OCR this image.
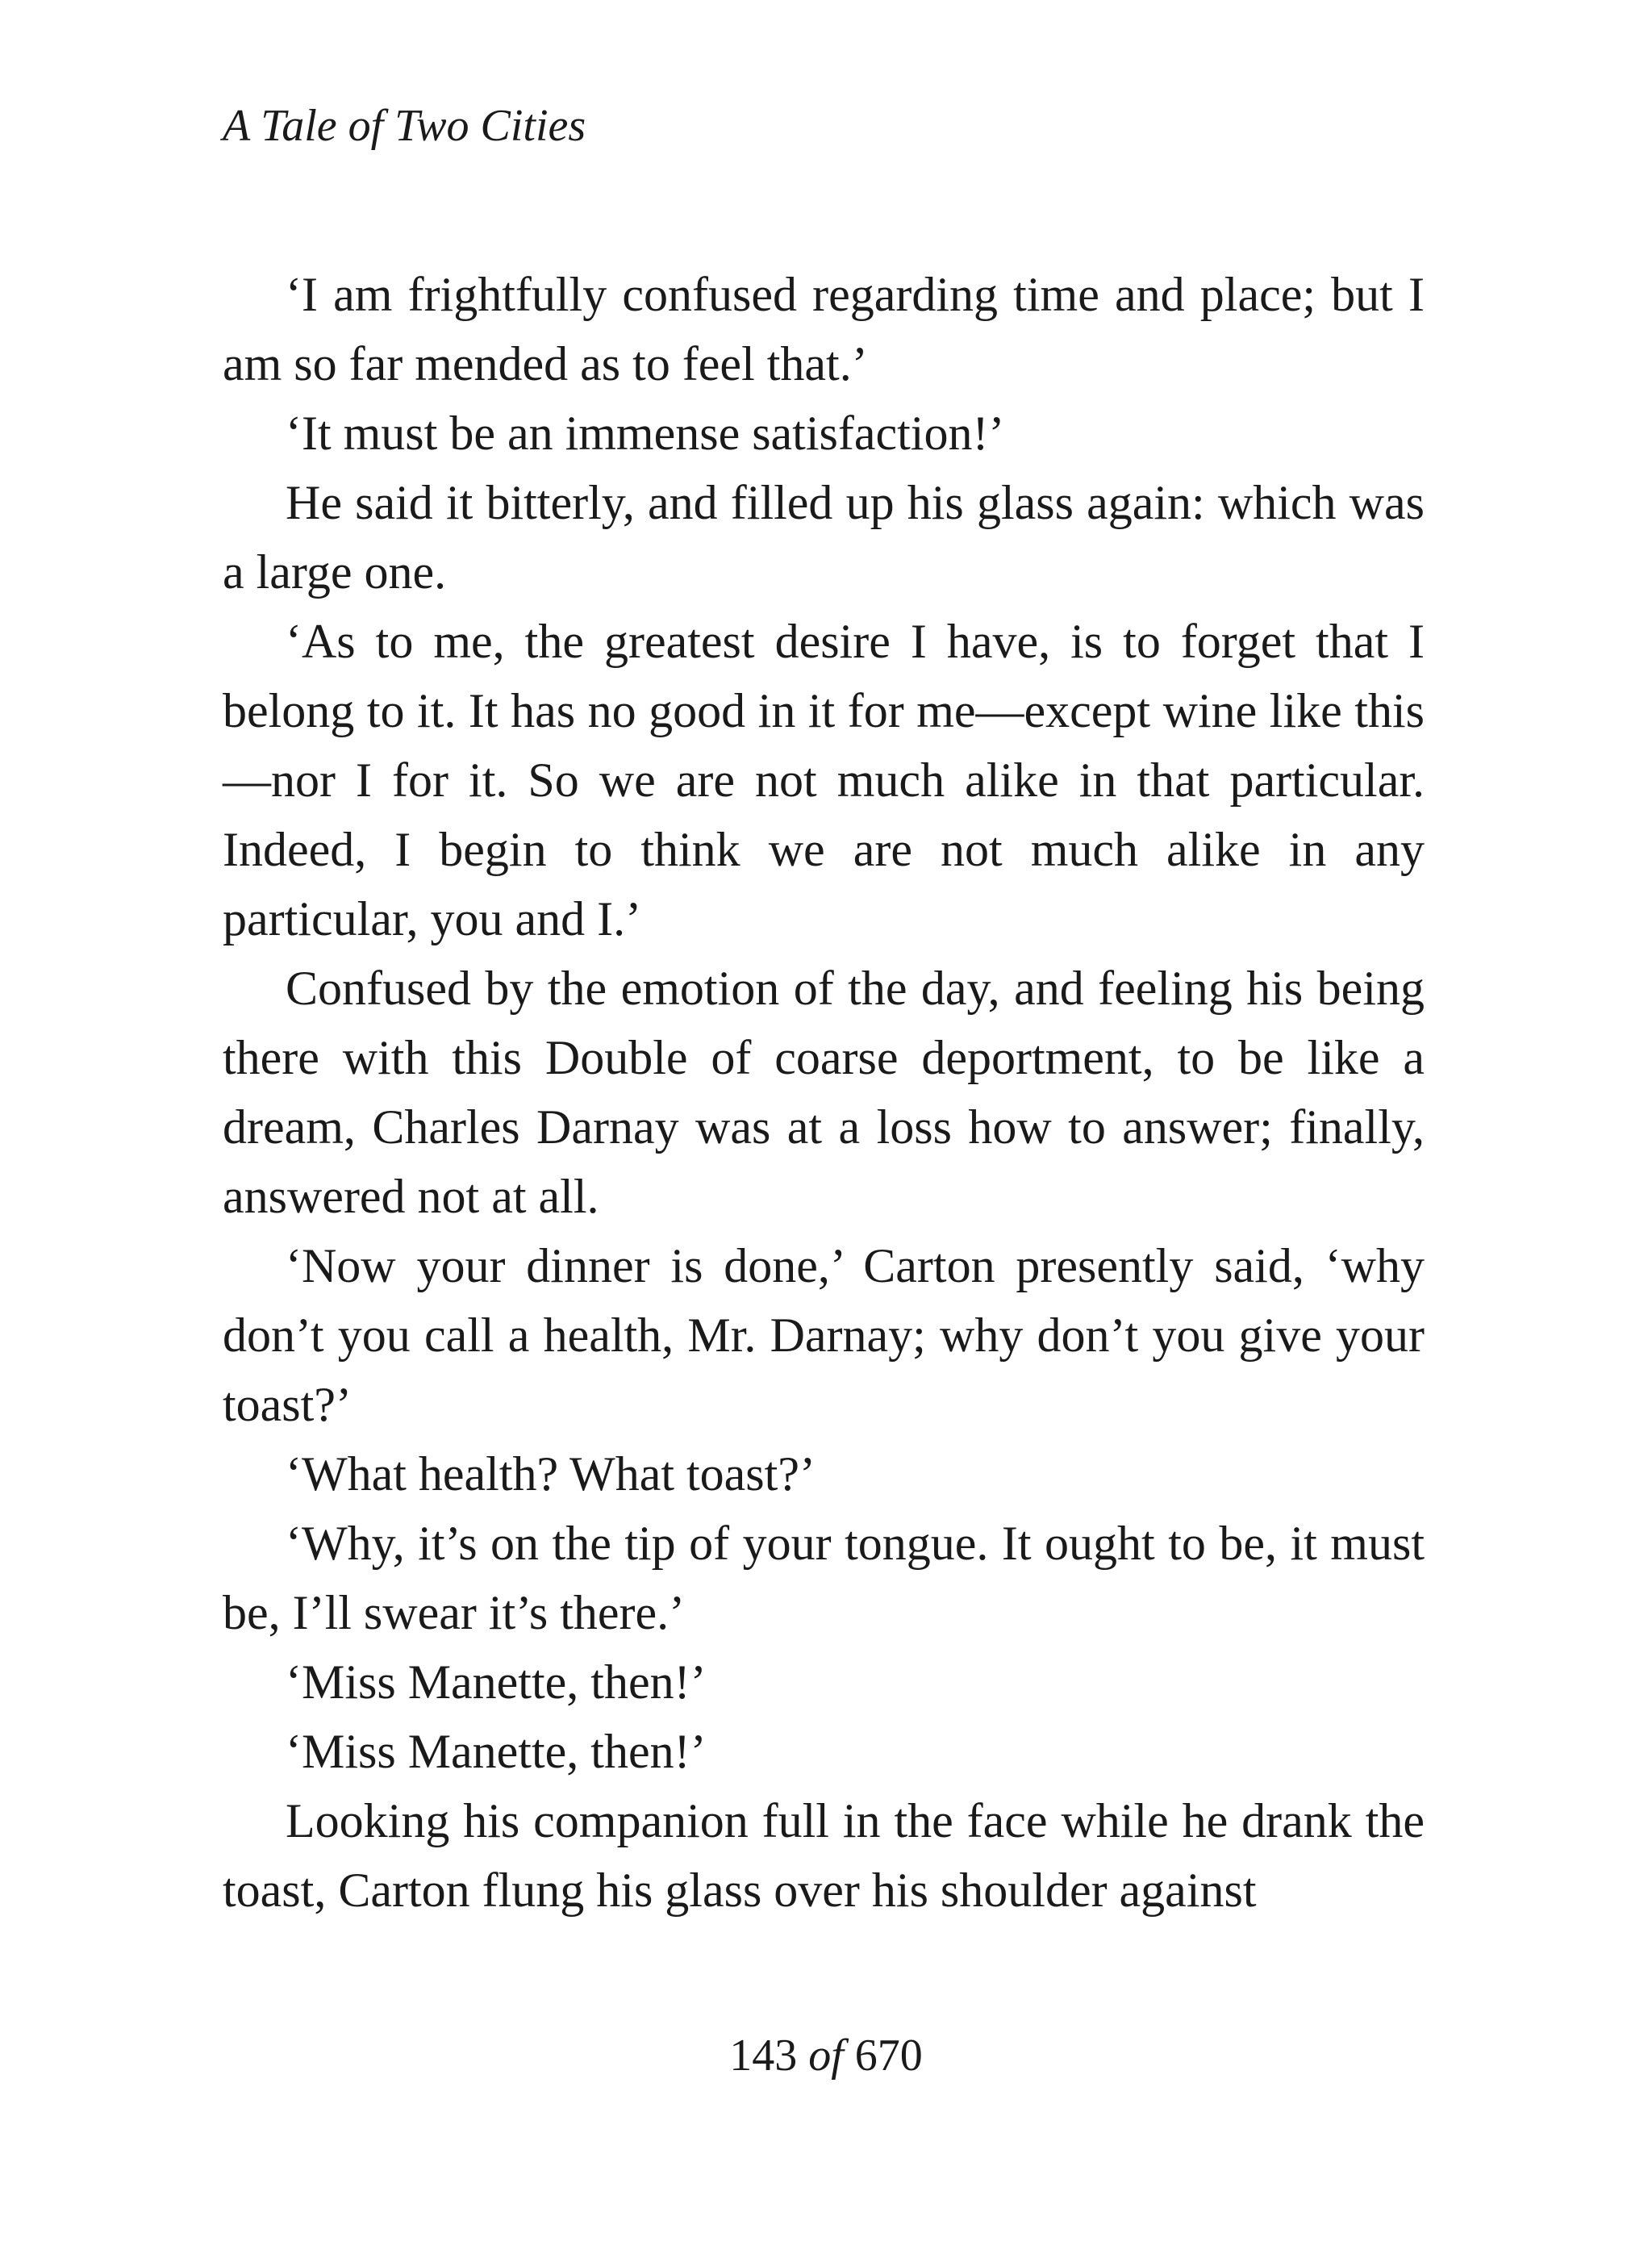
A Tale of Two Cities

‘I am frightfully confused regarding time and place; but I am so far mended as to feel that.’

‘It must be an immense satisfaction!’

He said it bitterly, and filled up his glass again: which was a large one.

‘As to me, the greatest desire I have, is to forget that I belong to it. It has no good in it for me—except wine like this—nor I for it. So we are not much alike in that particular. Indeed, I begin to think we are not much alike in any particular, you and I.’

Confused by the emotion of the day, and feeling his being there with this Double of coarse deportment, to be like a dream, Charles Darnay was at a loss how to answer; finally, answered not at all.

‘Now your dinner is done,’ Carton presently said, ‘why don’t you call a health, Mr. Darnay; why don’t you give your toast?’

‘What health? What toast?’

‘Why, it’s on the tip of your tongue. It ought to be, it must be, I’ll swear it’s there.’

‘Miss Manette, then!’

‘Miss Manette, then!’

Looking his companion full in the face while he drank the toast, Carton flung his glass over his shoulder against

143 of 670
